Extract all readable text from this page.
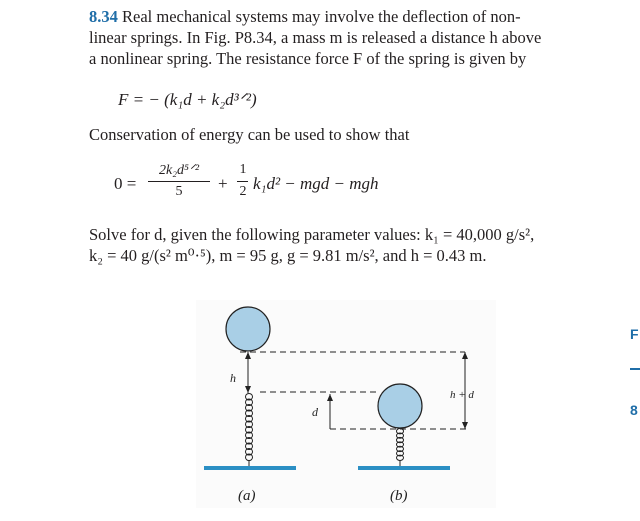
8.34 Real mechanical systems may involve the deflection of non-
linear springs. In Fig. P8.34, a mass m is released a distance h above
a nonlinear spring. The resistance force F of the spring is given by
F = − (k₁d + k₂d³ᐟ²)
Conservation of energy can be used to show that
0 =
2k₂d⁵ᐟ²
5	+
1
2 k₁d² − mgd − mgh
Solve for d, given the following parameter values: k₁ = 40,000 g/s²,
k₂ = 40 g/(s² m⁰·⁵), m = 95 g, g = 9.81 m/s², and h = 0.43 m.
h
d
h + d
(a)	(b)
F
8
